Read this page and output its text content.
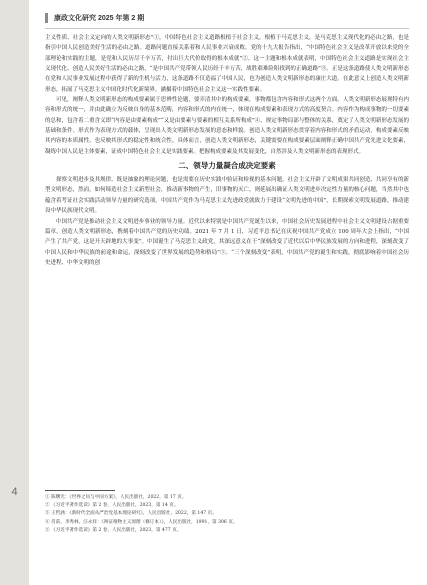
4
康政文化研究 2025 年第 2 期

主义性质、社会主义定向的人类文明新形态”①。中国特色社会主义道路根植于社会主义，根植于马克思主义，是马克思主义现代化的必由之路，也是指引中国人民创造美好生活的必由之路。道路问题直接关系着和人民事业兴衰成败。党的十九大报告指出，“中国特色社会主义是改革开放以来党的全部理论和实践的主题，是党和人民历尽千辛万苦，付出巨大代价取得的根本成就”②。这一主题和根本成就表明，中国特色社会主义道路是实现社会主义现代化、创造人民美好生活的必由之路，“是中国共产党带领人民历经千辛万苦，战胜艰难险阻找到的正确道路”③。正是这条道路使人类文明新形态在党和人民事业发展过程中获得了新的生机与活力，这条道路不仅造福了中国人民，也为创造人类文明新形态的康庄大道。在此意义上创造人类文明新形态，拓展了马克思主义中国化时代化新境界，涵摄着中国特色社会主义这一实践性要素。

可见，阐释人类文明新形态的构成要素属于思辨性论题，要弄清其中的构成要素，事物都包含内容和形式这两个方面。人类文明新形态展现特有内容和形式的统一，并由此确立为反映自身的基本范畴，内容和形式的内在统一，体现在构成要素和表现方式的高度契合。内容作为构成事物的一切要素的总和，包含着二重含义即“内容是由要素构成”“又是由要素与要素的相互关系所构成”④，规定事物局部与整体的关系，奠定了人类文明新形态发展的基础和条件。形式作为表现方式的载体，呈现出人类文明新形态发展的意态和样貌。创造人类文明新形态贯穿着内容和形式的矛盾运动，构成要素反映其内容的本质属性，也反映其形式的稳定性和统合性。具体而言，创造人类文明新形态，关键需要在构成要素层面阐释正确中国共产党先进文化要素，凝练中国人民是主体要素，证成中国特色社会主义是实践要素。把握构成要素及其发展变化，自然涉及人类文明新形态的表现形式。

二、领导力量凝合成决定要素

探察文明进步及其规律，既是抽象的理论问题，也是需要在历史实践中验证和检视的基本问题。社会主义开辟了文明成果共同创造、共同享有的新型文明形态，然而，如何缔造社会主义新型社会，推动新事物的产生，旧事物的灭亡，则延展出确证人类文明进步决定性力量的核心问题，当然其中也蕴含着考证社会实践活动领导力量的研究选项。中国共产党作为马克思主义先进政党就致力于建设“文明先进的中国”，长期探索文明发展道路，推动建设中华民族现代文明。

中国共产党是推动社会主义文明进步事业的领导力量。近代以来特别是中国共产党诞生以来，中国社会历史发展进程中社会主义文明建设占据重要篇章。创造人类文明新形态，携刻着中国共产党的历史功绩。2021 年 7 月 1 日，习近平总书记在庆祝中国共产党成立 100 周年大会上指出，“中国产生了共产党，这是开天辟地的大事变”。中国诞生了马克思主义政党，其深远意义在于“深刻改变了近代以后中华民族发展的方向和进程，深刻改变了中国人民和中华民族的前途和命运，深刻改变了世界发展的趋势和格局”⑤。“三个深刻改变”表明，中国共产党的诞生和实践，彻底影响着中国社会历史进程、中华文明的创

① 陈曙光：《世界之问与中国方案》，人民出版社，2022，第 17 页。
② 《习近平著作选读》第 2 卷，人民出版社，2023，第 14 页。
③ 王哲涵：《新时代全面从严治党基本理论研究》，人民出版社，2022，第 147 页。
④ 肖前、李秀林、汪永祥：《辩证唯物主义原理（修订本）》，人民出版社，1991，第 306 页。
⑤ 《习近平著作选读》第 2 卷，人民出版社，2023，第 477 页。
